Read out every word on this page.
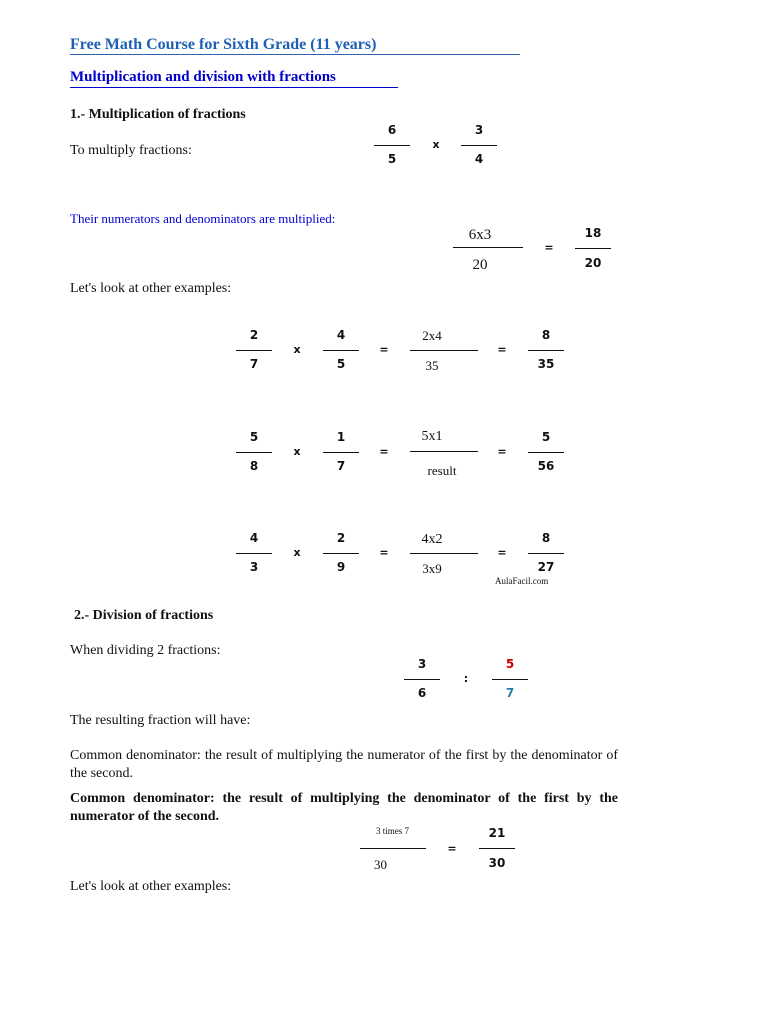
Free Math Course for Sixth Grade (11 years)
Multiplication and division with fractions
1.- Multiplication of fractions
To multiply fractions:
6
5
x
3
4
Their numerators and denominators are multiplied:
6x3
20
=
18
20
Let's look at other examples:
2
7
x
4
5
=
2x4
35
=
8
35
5
8
x
1
7
=
5x1
result
=
5
56
4
3
x
2
9
=
4x2
3x9
=
8
27
AulaFacil.com
2.- Division of fractions
When dividing 2 fractions:
3
6
:
5
7
The resulting fraction will have:
Common denominator: the result of multiplying the numerator of the first by the denominator of the second.
Common denominator: the result of multiplying the denominator of the first by the numerator of the second.
3 times 7
30
=
21
30
Let's look at other examples:
